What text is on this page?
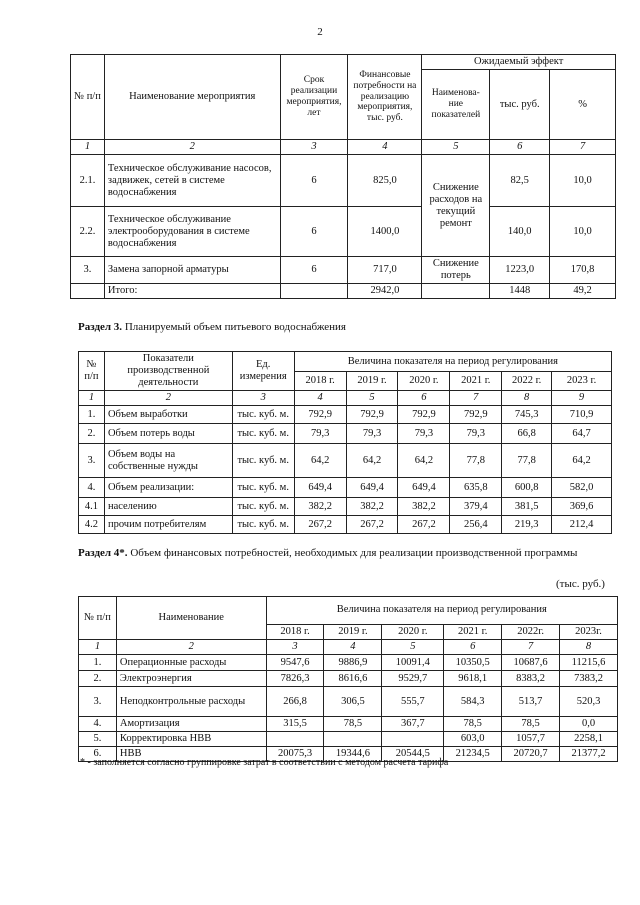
2
№ п/п	Наименование мероприятия	Срок реализации мероприятия, лет	Финансовые потребности на реализацию мероприятия, тыс. руб.	Ожидаемый эффект		
				Наименова-ние показателей	тыс. руб.	%
1	2	3	4	5	6	7
2.1.	Техническое обслуживание насосов, задвижек, сетей в системе водоснабжения	6	825,0	Снижение расходов на текущий ремонт	82,5	10,0
2.2.	Техническое обслуживание электрооборудования в системе водоснабжения	6	1400,0		140,0	10,0
3.	Замена запорной арматуры	6	717,0	Снижение потерь	1223,0	170,8
	Итого:		2942,0		1448	49,2
Раздел 3. Планируемый объем питьевого водоснабжения
№ п/п	Показатели производственной деятельности	Ед. измерения	Величина показателя на период регулирования					
			2018 г.	2019 г.	2020 г.	2021 г.	2022 г.	2023 г.
1	2	3	4	5	6	7	8	9
1.	Объем выработки	тыс. куб. м.	792,9	792,9	792,9	792,9	745,3	710,9
2.	Объем потерь воды	тыс. куб. м.	79,3	79,3	79,3	79,3	66,8	64,7
3.	Объем воды на собственные нужды	тыс. куб. м.	64,2	64,2	64,2	77,8	77,8	64,2
4.	Объем реализации:	тыс. куб. м.	649,4	649,4	649,4	635,8	600,8	582,0
4.1	населению	тыс. куб. м.	382,2	382,2	382,2	379,4	381,5	369,6
4.2	прочим потребителям	тыс. куб. м.	267,2	267,2	267,2	256,4	219,3	212,4
Раздел 4*. Объем финансовых потребностей, необходимых для реализации производственной программы
(тыс. руб.)
№ п/п	Наименование	Величина показателя на период регулирования					
		2018 г.	2019 г.	2020 г.	2021 г.	2022г.	2023г.
1	2	3	4	5	6	7	8
1.	Операционные расходы	9547,6	9886,9	10091,4	10350,5	10687,6	11215,6
2.	Электроэнергия	7826,3	8616,6	9529,7	9618,1	8383,2	7383,2
3.	Неподконтрольные расходы	266,8	306,5	555,7	584,3	513,7	520,3
4.	Амортизация	315,5	78,5	367,7	78,5	78,5	0,0
5.	Корректировка НВВ				603,0	1057,7	2258,1
6.	НВВ	20075,3	19344,6	20544,5	21234,5	20720,7	21377,2
* - заполняется согласно группировке затрат в соответствии с методом расчета тарифа
